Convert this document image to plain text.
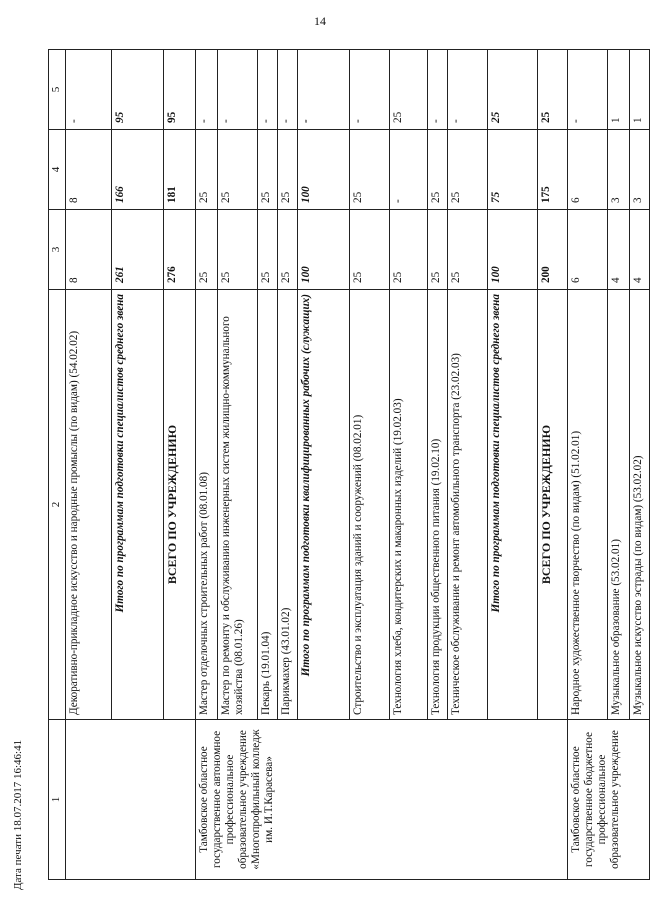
14
1	2	3	4	5
	Декоративно-прикладное искусство и народные промыслы (по видам) (54.02.02)	8	8	-
	Итого по программам подготовки специалистов среднего звена	261	166	95
	ВСЕГО ПО УЧРЕЖДЕНИЮ	276	181	95
Тамбовское областное государственное автономное профессиональное образовательное учреждение «Многопрофильный колледж им. И.Т.Карасева»	Мастер отделочных строительных работ (08.01.08)	25	25	-
	Мастер по ремонту и обслуживанию инженерных систем жилищно-коммунального хозяйства (08.01.26)	25	25	-
	Пекарь (19.01.04)	25	25	-
	Парикмахер (43.01.02)	25	25	-
	Итого по программам подготовки квалифицированных рабочих (служащих)	100	100	-
	Строительство и эксплуатация зданий и сооружений (08.02.01)	25	25	-
	Технология хлеба, кондитерских и макаронных изделий (19.02.03)	25	-	25
	Технология продукции общественного питания (19.02.10)	25	25	-
	Техническое обслуживание и ремонт автомобильного транспорта (23.02.03)	25	25	-
	Итого по программам подготовки специалистов среднего звена	100	75	25
	ВСЕГО ПО УЧРЕЖДЕНИЮ	200	175	25
Тамбовское областное государственное бюджетное профессиональное образовательное учреждение	Народное художественное творчество (по видам) (51.02.01)	6	6	-
	Музыкальное образование (53.02.01)	4	3	1
	Музыкальное искусство эстрады (по видам) (53.02.02)	4	3	1
Дата печати 18.07.2017 16:46:41
